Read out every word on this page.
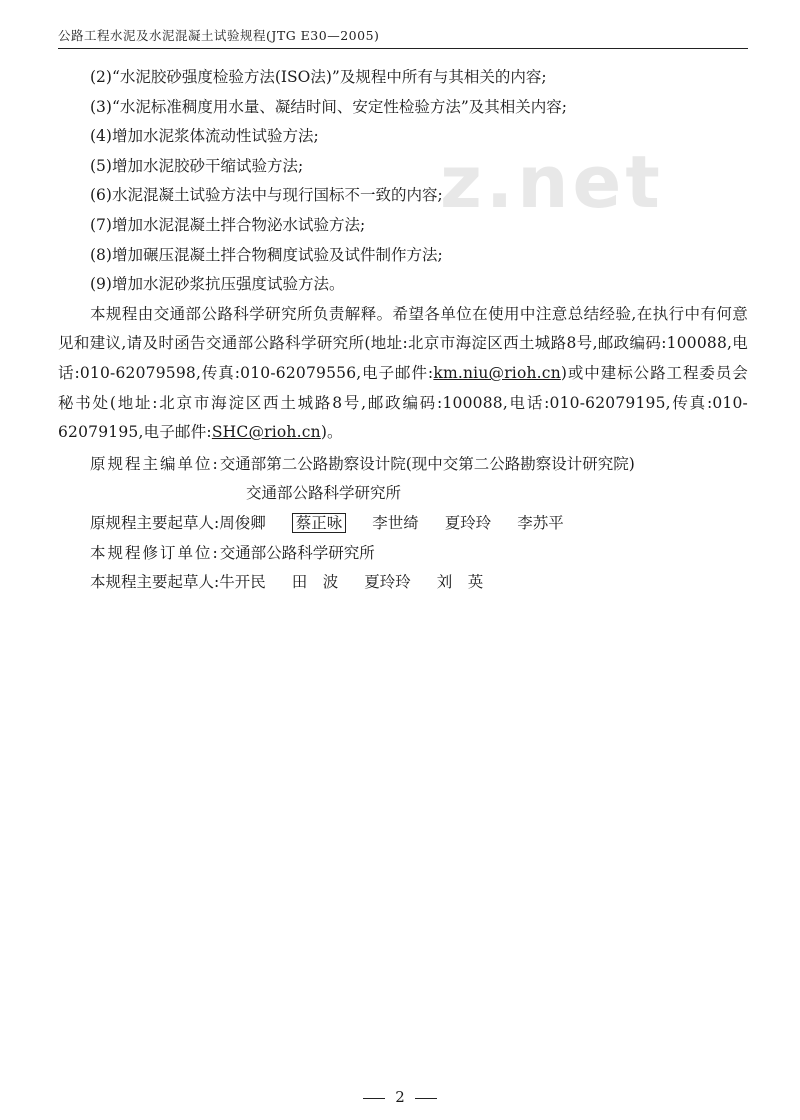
公路工程水泥及水泥混凝土试验规程(JTG E30—2005)
z.net
(2)“水泥胶砂强度检验方法(ISO法)”及规程中所有与其相关的内容;
(3)“水泥标准稠度用水量、凝结时间、安定性检验方法”及其相关内容;
(4)增加水泥浆体流动性试验方法;
(5)增加水泥胶砂干缩试验方法;
(6)水泥混凝土试验方法中与现行国标不一致的内容;
(7)增加水泥混凝土拌合物泌水试验方法;
(8)增加碾压混凝土拌合物稠度试验及试件制作方法;
(9)增加水泥砂浆抗压强度试验方法。
本规程由交通部公路科学研究所负责解释。希望各单位在使用中注意总结经验,在执行中有何意见和建议,请及时函告交通部公路科学研究所(地址:北京市海淀区西土城路8号,邮政编码:100088,电话:010-62079598,传真:010-62079556,电子邮件:km.niu@rioh.cn)或中建标公路工程委员会秘书处(地址:北京市海淀区西土城路8号,邮政编码:100088,电话:010-62079195,传真:010-62079195,电子邮件:SHC@rioh.cn)。
原规程主编单位:交通部第二公路勘察设计院(现中交第二公路勘察设计研究院)
交通部公路科学研究所
原规程主要起草人:周俊卿 蔡正咏 李世绮 夏玲玲 李苏平
本规程修订单位:交通部公路科学研究所
本规程主要起草人:牛开民 田　波 夏玲玲 刘　英
2
